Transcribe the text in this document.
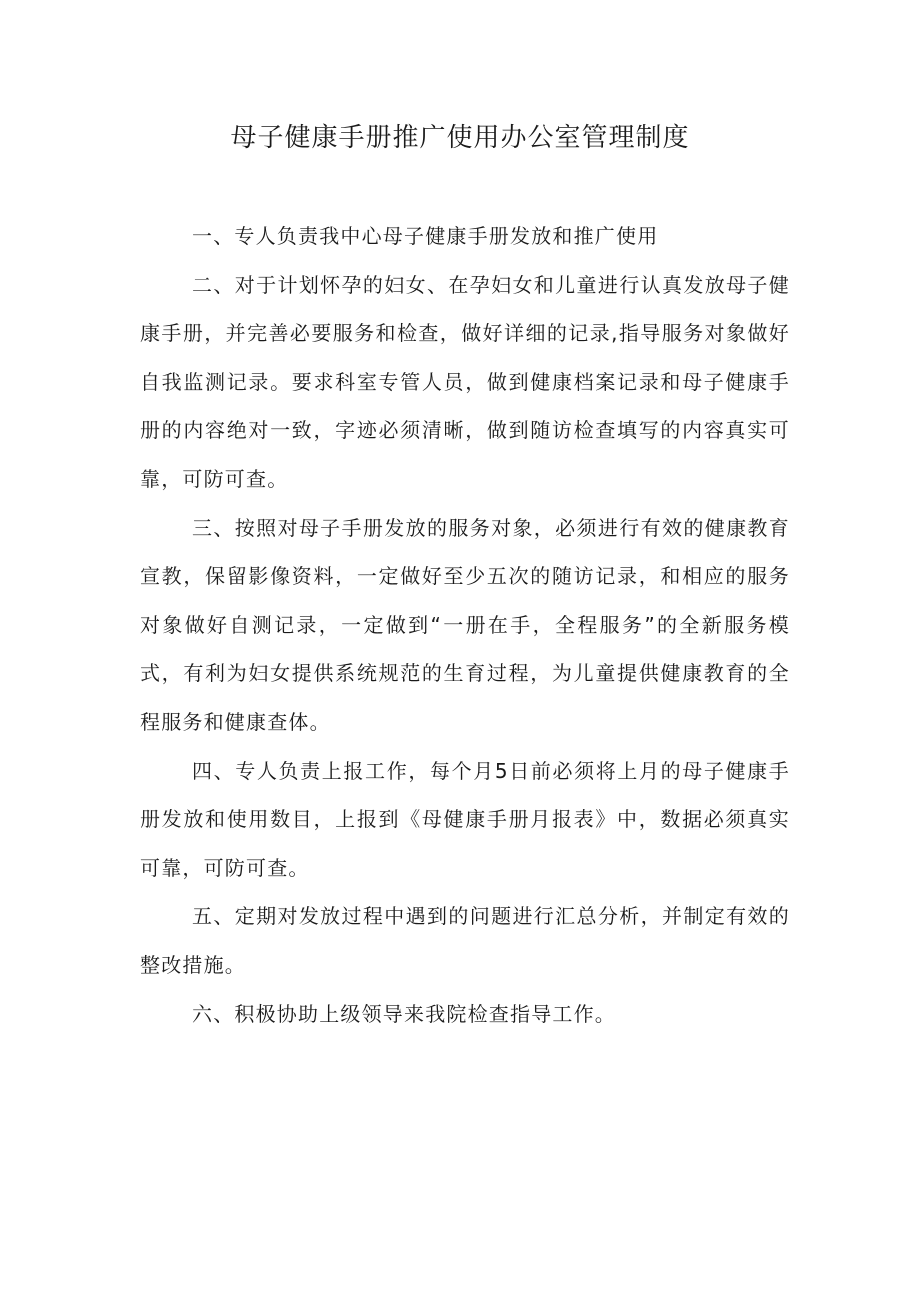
母子健康手册推广使用办公室管理制度

一、专人负责我中心母子健康手册发放和推广使用

二、对于计划怀孕的妇女、在孕妇女和儿童进行认真发放母子健康手册，并完善必要服务和检查，做好详细的记录,指导服务对象做好自我监测记录。要求科室专管人员，做到健康档案记录和母子健康手册的内容绝对一致，字迹必须清晰，做到随访检查填写的内容真实可靠，可防可查。

三、按照对母子手册发放的服务对象，必须进行有效的健康教育宣教，保留影像资料，一定做好至少五次的随访记录，和相应的服务对象做好自测记录，一定做到“一册在手，全程服务”的全新服务模式，有利为妇女提供系统规范的生育过程，为儿童提供健康教育的全程服务和健康查体。

四、专人负责上报工作，每个月5日前必须将上月的母子健康手册发放和使用数目，上报到《母健康手册月报表》中，数据必须真实可靠，可防可查。

五、定期对发放过程中遇到的问题进行汇总分析，并制定有效的整改措施。

六、积极协助上级领导来我院检查指导工作。
